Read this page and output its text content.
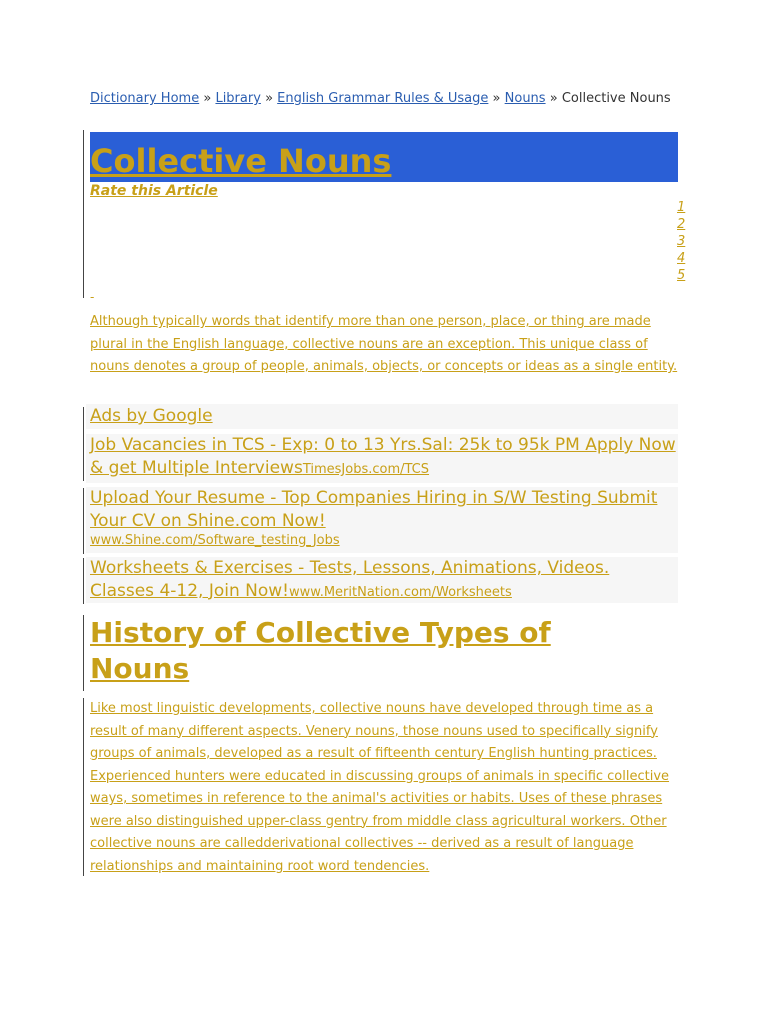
Dictionary Home » Library » English Grammar Rules & Usage » Nouns » Collective Nouns
Collective Nouns
Rate this Article
1
2
3
4
5
-
Although typically words that identify more than one person, place, or thing are made plural in the English language, collective nouns are an exception. This unique class of nouns denotes a group of people, animals, objects, or concepts or ideas as a single entity.
Ads by Google
Job Vacancies in TCS - Exp: 0 to 13 Yrs.Sal: 25k to 95k PM Apply Now & get Multiple InterviewsTimesJobs.com/TCS
Upload Your Resume - Top Companies Hiring in S/W Testing Submit Your CV on Shine.com Now!
www.Shine.com/Software_testing_Jobs
Worksheets & Exercises - Tests, Lessons, Animations, Videos. Classes 4-12, Join Now!www.MeritNation.com/Worksheets
History of Collective Types of Nouns
Like most linguistic developments, collective nouns have developed through time as a result of many different aspects. Venery nouns, those nouns used to specifically signify groups of animals, developed as a result of fifteenth century English hunting practices. Experienced hunters were educated in discussing groups of animals in specific collective ways, sometimes in reference to the animal's activities or habits. Uses of these phrases were also distinguished upper-class gentry from middle class agricultural workers. Other collective nouns are calledderivational collectives -- derived as a result of language relationships and maintaining root word tendencies.
